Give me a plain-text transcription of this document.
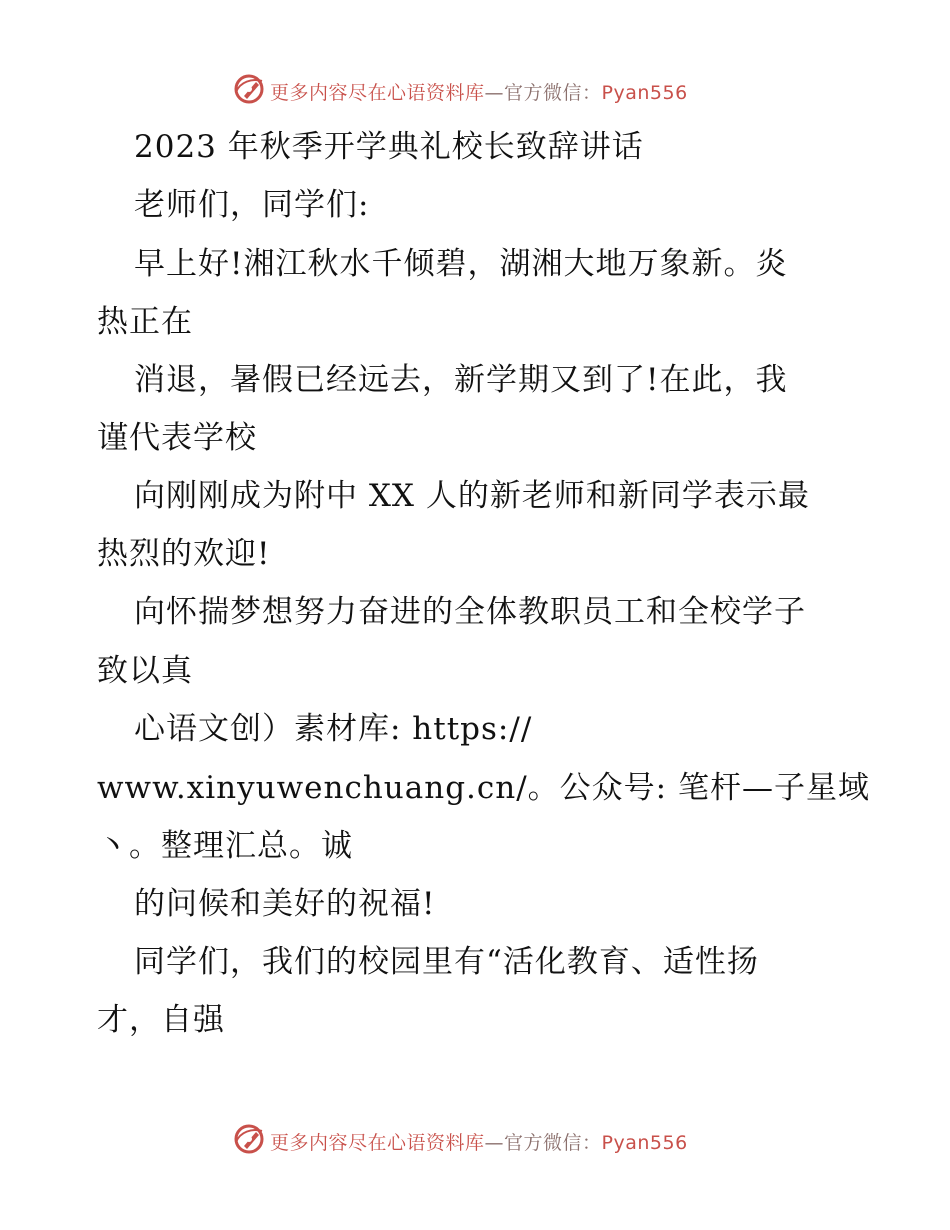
更多内容尽在心语资料库—官方微信：Pyan556
2023 年秋季开学典礼校长致辞讲话
老师们，同学们:
早上好!湘江秋水千倾碧，湖湘大地万象新。炎
热正在
消退，暑假已经远去，新学期又到了!在此，我
谨代表学校
向刚刚成为附中 XX 人的新老师和新同学表示最
热烈的欢迎!
向怀揣梦想努力奋进的全体教职员工和全校学子
致以真
心语文创）素材库: https://
www.xinyuwenchuang.cn/。公众号: 笔杆—子星域
丶。整理汇总。诚
的问候和美好的祝福!
同学们，我们的校园里有“活化教育、适性扬
才，自强
更多内容尽在心语资料库—官方微信：Pyan556
